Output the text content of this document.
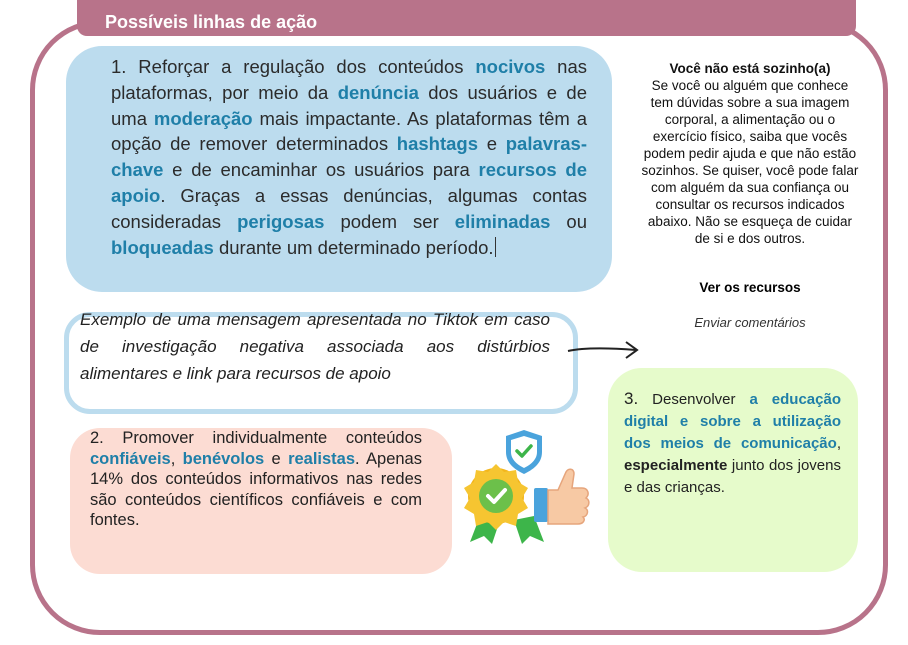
Possíveis linhas de ação

1. Reforçar a regulação dos conteúdos nocivos nas plataformas, por meio da denúncia dos usuários e de uma moderação mais impactante. As plataformas têm a opção de remover determinados hashtags e palavras-chave e de encaminhar os usuários para recursos de apoio. Graças a essas denúncias, algumas contas consideradas perigosas podem ser eliminadas ou bloqueadas durante um determinado período.

Exemplo de uma mensagem apresentada no Tiktok em caso de investigação negativa associada aos distúrbios alimentares e link para recursos de apoio
Você não está sozinho(a)
Se você ou alguém que conhece tem dúvidas sobre a sua imagem corporal, a alimentação ou o exercício físico, saiba que vocês podem pedir ajuda e que não estão sozinhos. Se quiser, você pode falar com alguém da sua confiança ou consultar os recursos indicados abaixo. Não se esqueça de cuidar de si e dos outros.
Ver os recursos
Enviar comentários

2. Promover individualmente conteúdos confiáveis, benévolos e realistas. Apenas 14% dos conteúdos informativos nas redes são conteúdos científicos confiáveis e com fontes.

3. Desenvolver a educação digital e sobre a utilização dos meios de comunicação, especialmente junto dos jovens e das crianças.
